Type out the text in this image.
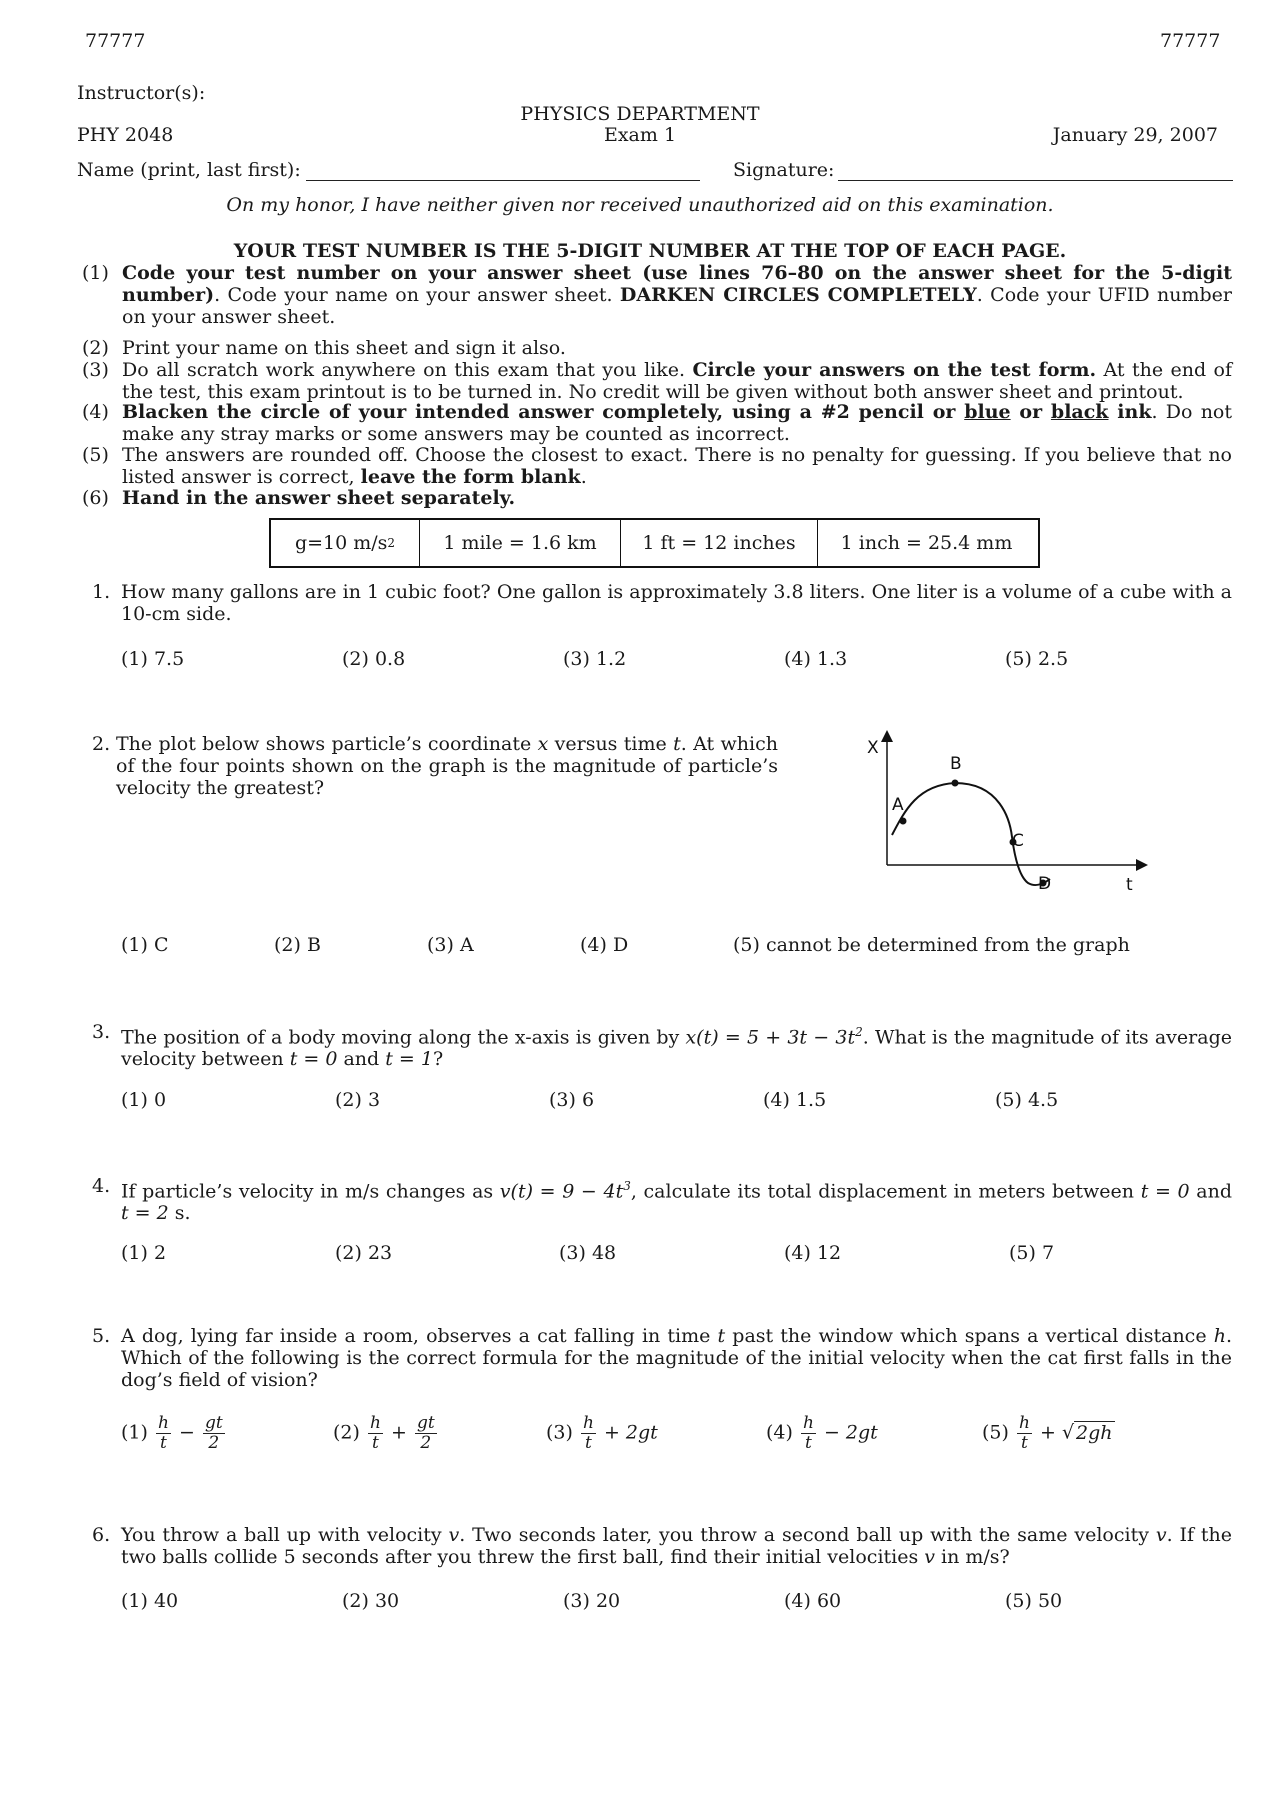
77777	77777
Instructor(s):
PHYSICS DEPARTMENT
PHY 2048	Exam 1	January 29, 2007
Name (print, last first):	Signature:
On my honor, I have neither given nor received unauthorized aid on this examination.
YOUR TEST NUMBER IS THE 5-DIGIT NUMBER AT THE TOP OF EACH PAGE.
(1) Code your test number on your answer sheet (use lines 76–80 on the answer sheet for the 5-digit number). Code your name on your answer sheet. DARKEN CIRCLES COMPLETELY. Code your UFID number on your answer sheet.
(2) Print your name on this sheet and sign it also.
(3) Do all scratch work anywhere on this exam that you like. Circle your answers on the test form. At the end of the test, this exam printout is to be turned in. No credit will be given without both answer sheet and printout.
(4) Blacken the circle of your intended answer completely, using a #2 pencil or blue or black ink. Do not make any stray marks or some answers may be counted as incorrect.
(5) The answers are rounded off. Choose the closest to exact. There is no penalty for guessing. If you believe that no listed answer is correct, leave the form blank.
(6) Hand in the answer sheet separately.
g=10 m/s 2	1 mile = 1.6 km	1 ft = 12 inches	1 inch = 25.4 mm
1. How many gallons are in 1 cubic foot? One gallon is approximately 3.8 liters. One liter is a volume of a cube with a 10-cm side.
(1) 7.5	(2) 0.8	(3) 1.2	(4) 1.3	(5) 2.5
2. The plot below shows particle’s coordinate x versus time t. At which of the four points shown on the graph is the magnitude of particle’s velocity the greatest?
X
t
A
B
C
D
(1) C	(2) B	(3) A	(4) D	(5) cannot be determined from the graph
3. The position of a body moving along the x-axis is given by $x(t) = 5 + 3t - 3t^2$. What is the magnitude of its average velocity between t = 0 and t = 1?
(1) 0	(2) 3	(3) 6	(4) 1.5	(5) 4.5
4. If particle’s velocity in m/s changes as $v(t) = 9 - 4t^3$, calculate its total displacement in meters between t = 0 and t = 2 s.
(1) 2	(2) 23	(3) 48	(4) 12	(5) 7
5. A dog, lying far inside a room, observes a cat falling in time t past the window which spans a vertical distance h. Which of the following is the correct formula for the magnitude of the initial velocity when the cat first falls in the dog’s field of vision?
$(1) \frac{h}{t} - \frac{gt}{2}$	$(2) \frac{h}{t} + \frac{gt}{2}$	$(3) \frac{h}{t} + 2gt$	$(4) \frac{h}{t} - 2gt$	$(5) \frac{h}{t}$ + √ 2gh
6. You throw a ball up with velocity v. Two seconds later, you throw a second ball up with the same velocity v. If the two balls collide 5 seconds after you threw the first ball, find their initial velocities v in m/s?
(1) 40	(2) 30	(3) 20	(4) 60	(5) 50
